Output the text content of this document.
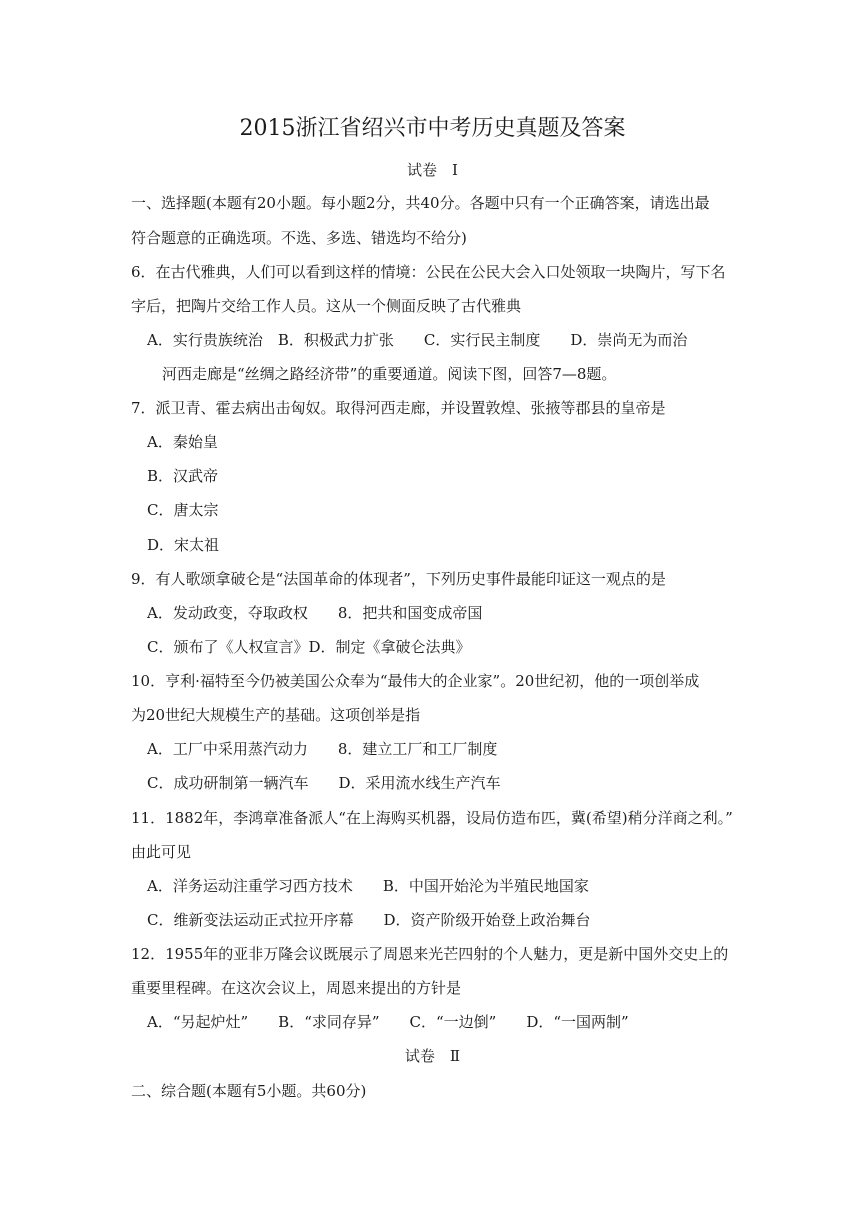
2015浙江省绍兴市中考历史真题及答案
试卷　Ⅰ
一、选择题(本题有20小题。每小题2分，共40分。各题中只有一个正确答案，请选出最
符合题意的正确选项。不选、多选、错选均不给分)
6．在古代雅典，人们可以看到这样的情境：公民在公民大会入口处领取一块陶片，写下名
字后，把陶片交给工作人员。这从一个侧面反映了古代雅典
A．实行贵族统治　B．积极武力扩张　　C．实行民主制度　　D．崇尚无为而治
河西走廊是“丝绸之路经济带”的重要通道。阅读下图，回答7—8题。
7．派卫青、霍去病出击匈奴。取得河西走廊，并设置敦煌、张掖等郡县的皇帝是
A．秦始皇
B．汉武帝
C．唐太宗
D．宋太祖
9．有人歌颂拿破仑是“法国革命的体现者”，下列历史事件最能印证这一观点的是
A．发动政变，夺取政权　　8．把共和国变成帝国
C．颁布了《人权宣言》D．制定《拿破仑法典》
10．亨利·福特至今仍被美国公众奉为“最伟大的企业家”。20世纪初，他的一项创举成
为20世纪大规模生产的基础。这项创举是指
A．工厂中采用蒸汽动力　　8．建立工厂和工厂制度
C．成功研制第一辆汽车　　D．采用流水线生产汽车
11．1882年，李鸿章准备派人“在上海购买机器，设局仿造布匹，冀(希望)稍分洋商之利。”
由此可见
A．洋务运动注重学习西方技术　　B．中国开始沦为半殖民地国家
C．维新变法运动正式拉开序幕　　D．资产阶级开始登上政治舞台
12．1955年的亚非万隆会议既展示了周恩来光芒四射的个人魅力，更是新中国外交史上的
重要里程碑。在这次会议上，周恩来提出的方针是
A．“另起炉灶”　　B．“求同存异”　　C．“一边倒”　　D．“一国两制”
试卷　Ⅱ
二、综合题(本题有5小题。共60分)
